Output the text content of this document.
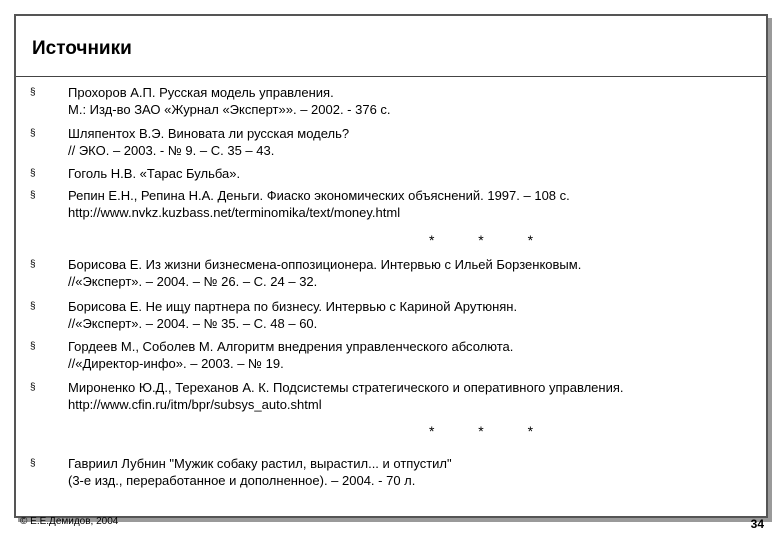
Источники
§	Прохоров А.П. Русская модель управления.
М.: Изд-во ЗАО «Журнал «Эксперт»». – 2002. - 376 с.
§	Шляпентох В.Э. Виновата ли русская модель?
// ЭКО. – 2003. - № 9. – С. 35 – 43.
§	Гоголь Н.В. «Тарас Бульба».
§	Репин Е.Н., Репина Н.А. Деньги. Фиаско экономических объяснений. 1997. – 108 с.
http://www.nvkz.kuzbass.net/terminomika/text/money.html
* * *
§	Борисова Е. Из жизни бизнесмена-оппозиционера. Интервью с Ильей Борзенковым.
//«Эксперт». – 2004. – № 26. – С. 24 – 32.
§	Борисова Е. Не ищу партнера по бизнесу. Интервью с Кариной Арутюнян.
//«Эксперт». – 2004. – № 35. – С. 48 – 60.
§	Гордеев М., Соболев М. Алгоритм внедрения управленческого абсолюта.
//«Директор-инфо». – 2003. – № 19.
§	Мироненко Ю.Д., Тереханов А. К. Подсистемы стратегического и оперативного управления.
http://www.cfin.ru/itm/bpr/subsys_auto.shtml
* * *
§	Гавриил Лубнин "Мужик собаку растил, вырастил... и отпустил"
(3-е изд., переработанное и дополненное). – 2004. - 70 л.
© Е.Е.Демидов, 2004	34
